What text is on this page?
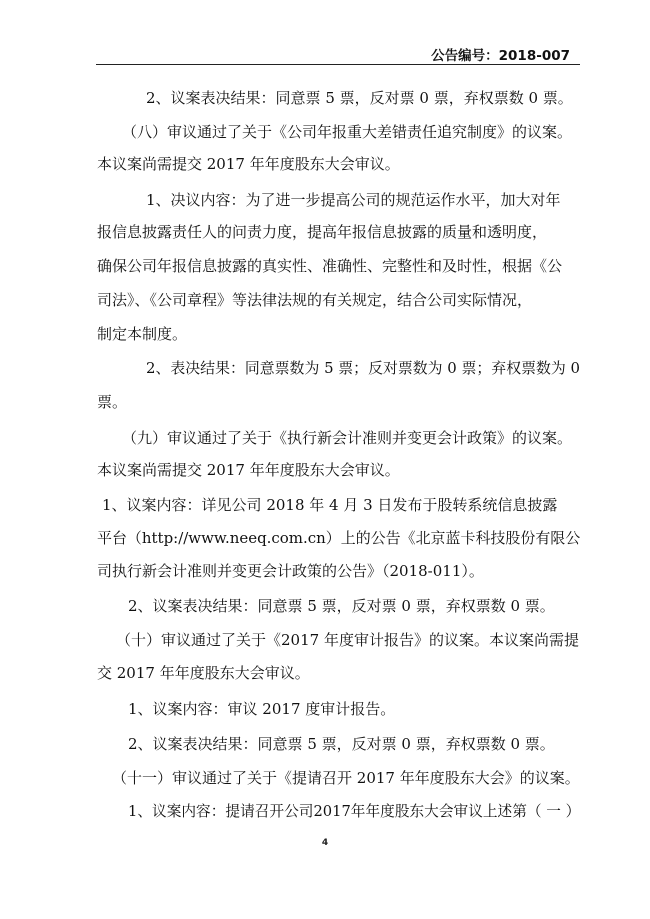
公告编号：2018-007
2、议案表决结果：同意票 5 票，反对票 0 票，弃权票数 0 票。
（八）审议通过了关于《公司年报重大差错责任追究制度》的议案。
本议案尚需提交 2017 年年度股东大会审议。
1、决议内容：为了进一步提高公司的规范运作水平，加大对年
报信息披露责任人的问责力度，提高年报信息披露的质量和透明度，
确保公司年报信息披露的真实性、准确性、完整性和及时性，根据《公
司法》、《公司章程》等法律法规的有关规定，结合公司实际情况，
制定本制度。
2、表决结果：同意票数为 5 票；反对票数为 0 票；弃权票数为 0
票。
（九）审议通过了关于《执行新会计准则并变更会计政策》的议案。
本议案尚需提交 2017 年年度股东大会审议。
1、议案内容：详见公司 2018 年 4 月 3 日发布于股转系统信息披露
平台（http://www.neeq.com.cn）上的公告《北京蓝卡科技股份有限公
司执行新会计准则并变更会计政策的公告》（2018-011）。
2、议案表决结果：同意票 5 票，反对票 0 票，弃权票数 0 票。
（十）审议通过了关于《2017 年度审计报告》的议案。本议案尚需提
交 2017 年年度股东大会审议。
1、议案内容：审议 2017 度审计报告。
2、议案表决结果：同意票 5 票，反对票 0 票，弃权票数 0 票。
（十一）审议通过了关于《提请召开 2017 年年度股东大会》的议案。
1、议案内容：提请召开公司2017年年度股东大会审议上述第（ 一 ）
4
